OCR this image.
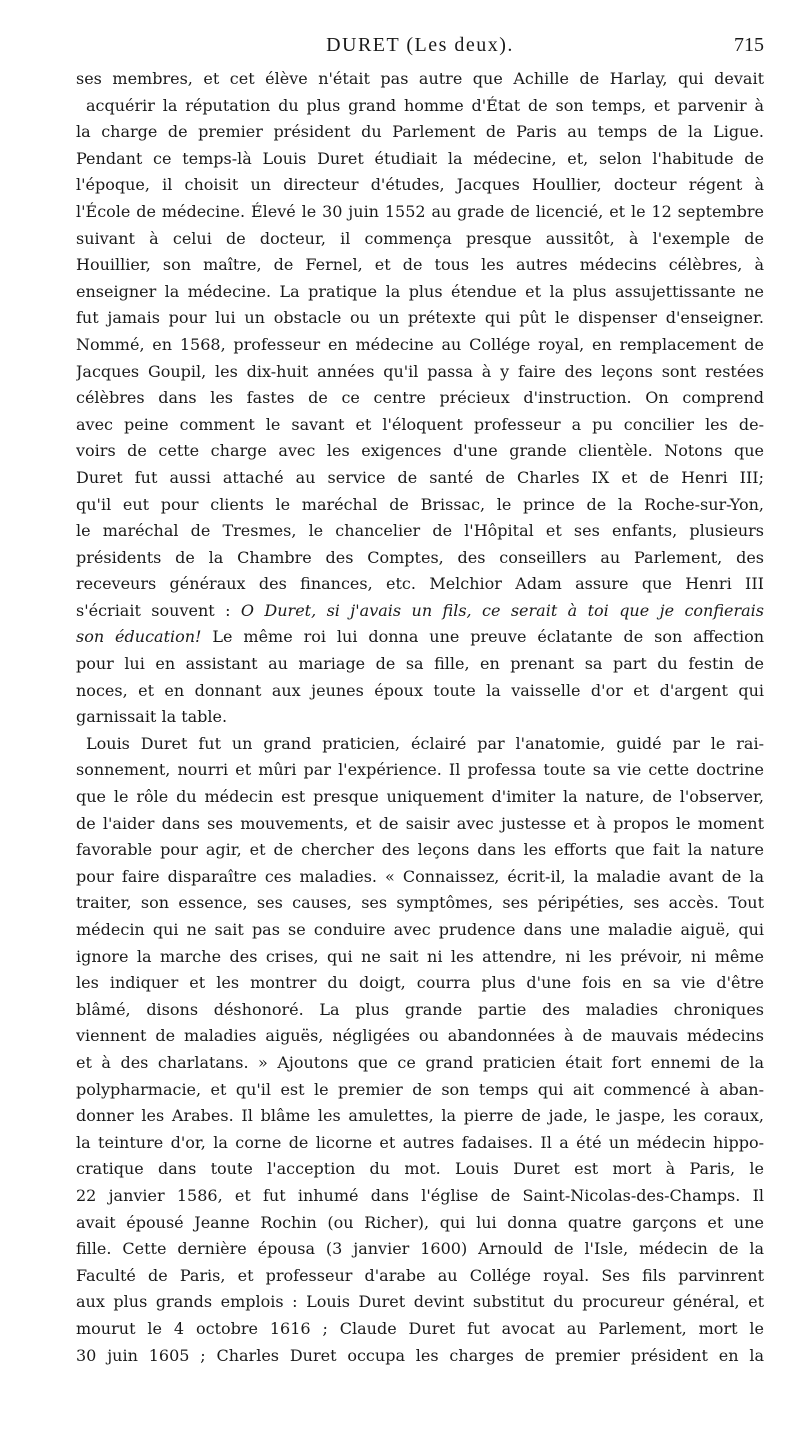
DURET (Les deux).	715
ses membres, et cet élève n'était pas autre que Achille de Harlay, qui devait
acquérir la réputation du plus grand homme d'État de son temps, et parvenir à
la charge de premier président du Parlement de Paris au temps de la Ligue.
Pendant ce temps-là Louis Duret étudiait la médecine, et, selon l'habitude de
l'époque, il choisit un directeur d'études, Jacques Houllier, docteur régent à
l'École de médecine. Élevé le 30 juin 1552 au grade de licencié, et le 12 septembre
suivant à celui de docteur, il commença presque aussitôt, à l'exemple de
Houillier, son maître, de Fernel, et de tous les autres médecins célèbres, à
enseigner la médecine. La pratique la plus étendue et la plus assujettissante ne
fut jamais pour lui un obstacle ou un prétexte qui pût le dispenser d'enseigner.
Nommé, en 1568, professeur en médecine au Collége royal, en remplacement de
Jacques Goupil, les dix-huit années qu'il passa à y faire des leçons sont restées
célèbres dans les fastes de ce centre précieux d'instruction. On comprend
avec peine comment le savant et l'éloquent professeur a pu concilier les de-
voirs de cette charge avec les exigences d'une grande clientèle. Notons que
Duret fut aussi attaché au service de santé de Charles IX et de Henri III;
qu'il eut pour clients le maréchal de Brissac, le prince de la Roche-sur-Yon,
le maréchal de Tresmes, le chancelier de l'Hôpital et ses enfants, plusieurs
présidents de la Chambre des Comptes, des conseillers au Parlement, des
receveurs généraux des finances, etc. Melchior Adam assure que Henri III
s'écriait souvent : O Duret, si j'avais un fils, ce serait à toi que je confierais
son éducation! Le même roi lui donna une preuve éclatante de son affection
pour lui en assistant au mariage de sa fille, en prenant sa part du festin de
noces, et en donnant aux jeunes époux toute la vaisselle d'or et d'argent qui
garnissait la table.
Louis Duret fut un grand praticien, éclairé par l'anatomie, guidé par le rai-
sonnement, nourri et mûri par l'expérience. Il professa toute sa vie cette doctrine
que le rôle du médecin est presque uniquement d'imiter la nature, de l'observer,
de l'aider dans ses mouvements, et de saisir avec justesse et à propos le moment
favorable pour agir, et de chercher des leçons dans les efforts que fait la nature
pour faire disparaître ces maladies. « Connaissez, écrit-il, la maladie avant de la
traiter, son essence, ses causes, ses symptômes, ses péripéties, ses accès. Tout
médecin qui ne sait pas se conduire avec prudence dans une maladie aiguë, qui
ignore la marche des crises, qui ne sait ni les attendre, ni les prévoir, ni même
les indiquer et les montrer du doigt, courra plus d'une fois en sa vie d'être
blâmé, disons déshonoré. La plus grande partie des maladies chroniques
viennent de maladies aiguës, négligées ou abandonnées à de mauvais médecins
et à des charlatans. » Ajoutons que ce grand praticien était fort ennemi de la
polypharmacie, et qu'il est le premier de son temps qui ait commencé à aban-
donner les Arabes. Il blâme les amulettes, la pierre de jade, le jaspe, les coraux,
la teinture d'or, la corne de licorne et autres fadaises. Il a été un médecin hippo-
cratique dans toute l'acception du mot. Louis Duret est mort à Paris, le
22 janvier 1586, et fut inhumé dans l'église de Saint-Nicolas-des-Champs. Il
avait épousé Jeanne Rochin (ou Richer), qui lui donna quatre garçons et une
fille. Cette dernière épousa (3 janvier 1600) Arnould de l'Isle, médecin de la
Faculté de Paris, et professeur d'arabe au Collége royal. Ses fils parvinrent
aux plus grands emplois : Louis Duret devint substitut du procureur général, et
mourut le 4 octobre 1616 ; Claude Duret fut avocat au Parlement, mort le
30 juin 1605 ; Charles Duret occupa les charges de premier président en la
